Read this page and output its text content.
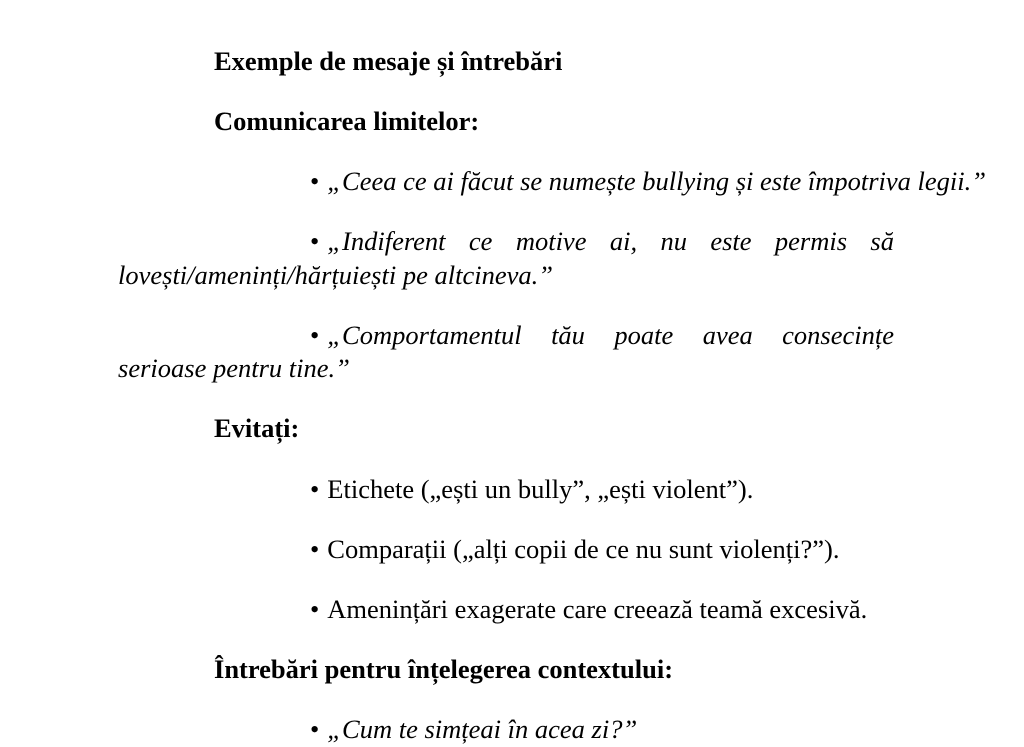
Exemple de mesaje și întrebări

Comunicarea limitelor:

• „Ceea ce ai făcut se numește bullying și este împotriva legii.”

• „Indiferent ce motive ai, nu este permis să lovești/ameninți/hărțuiești pe altcineva.”

• „Comportamentul tău poate avea consecințe serioase pentru tine.”

Evitați:

• Etichete („ești un bully”, „ești violent”).

• Comparații („alți copii de ce nu sunt violenți?”).

• Amenințări exagerate care creează teamă excesivă.

Întrebări pentru înțelegerea contextului:

• „Cum te simțeai în acea zi?”
